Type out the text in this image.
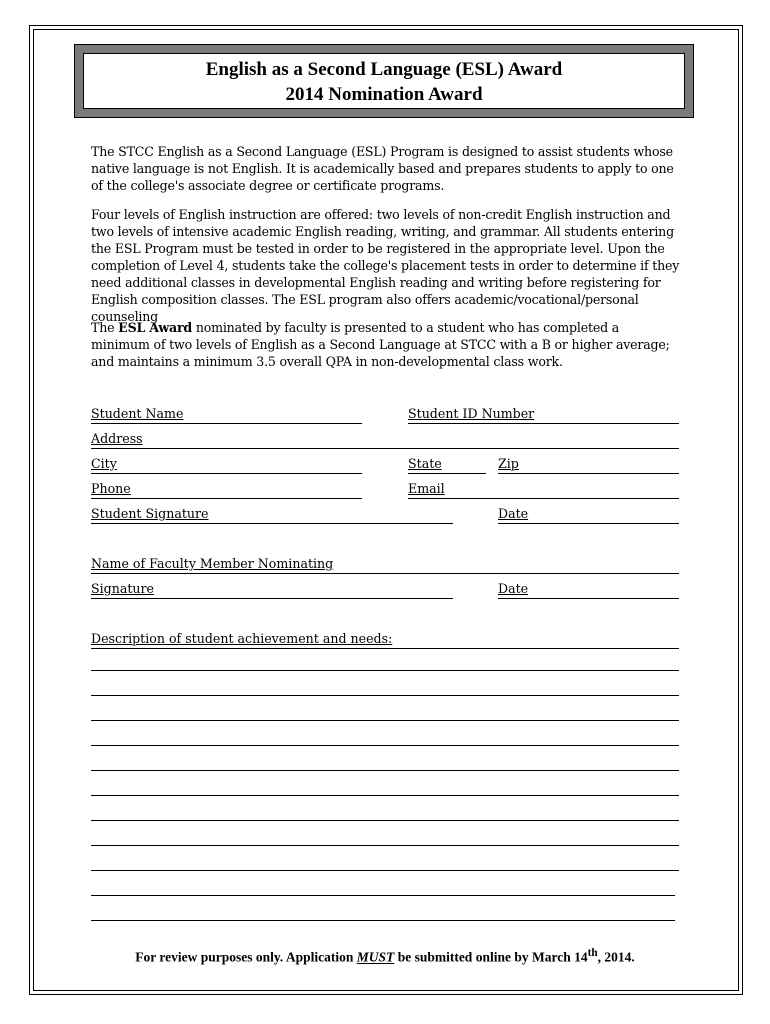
English as a Second Language (ESL) Award
2014 Nomination Award
The STCC English as a Second Language (ESL) Program is designed to assist students whose native language is not English. It is academically based and prepares students to apply to one of the college's associate degree or certificate programs.
Four levels of English instruction are offered: two levels of non-credit English instruction and two levels of intensive academic English reading, writing, and grammar. All students entering the ESL Program must be tested in order to be registered in the appropriate level. Upon the completion of Level 4, students take the college's placement tests in order to determine if they need additional classes in developmental English reading and writing before registering for English composition classes. The ESL program also offers academic/vocational/personal counseling
The ESL Award nominated by faculty is presented to a student who has completed a minimum of two levels of English as a Second Language at STCC with a B or higher average; and maintains a minimum 3.5 overall QPA in non-developmental class work.
Student Name	Student ID Number
Address
City	State	Zip
Phone	Email
Student Signature	Date
Name of Faculty Member Nominating
Signature	Date
Description of student achievement and needs:
For review purposes only. Application MUST be submitted online by March 14th, 2014.
